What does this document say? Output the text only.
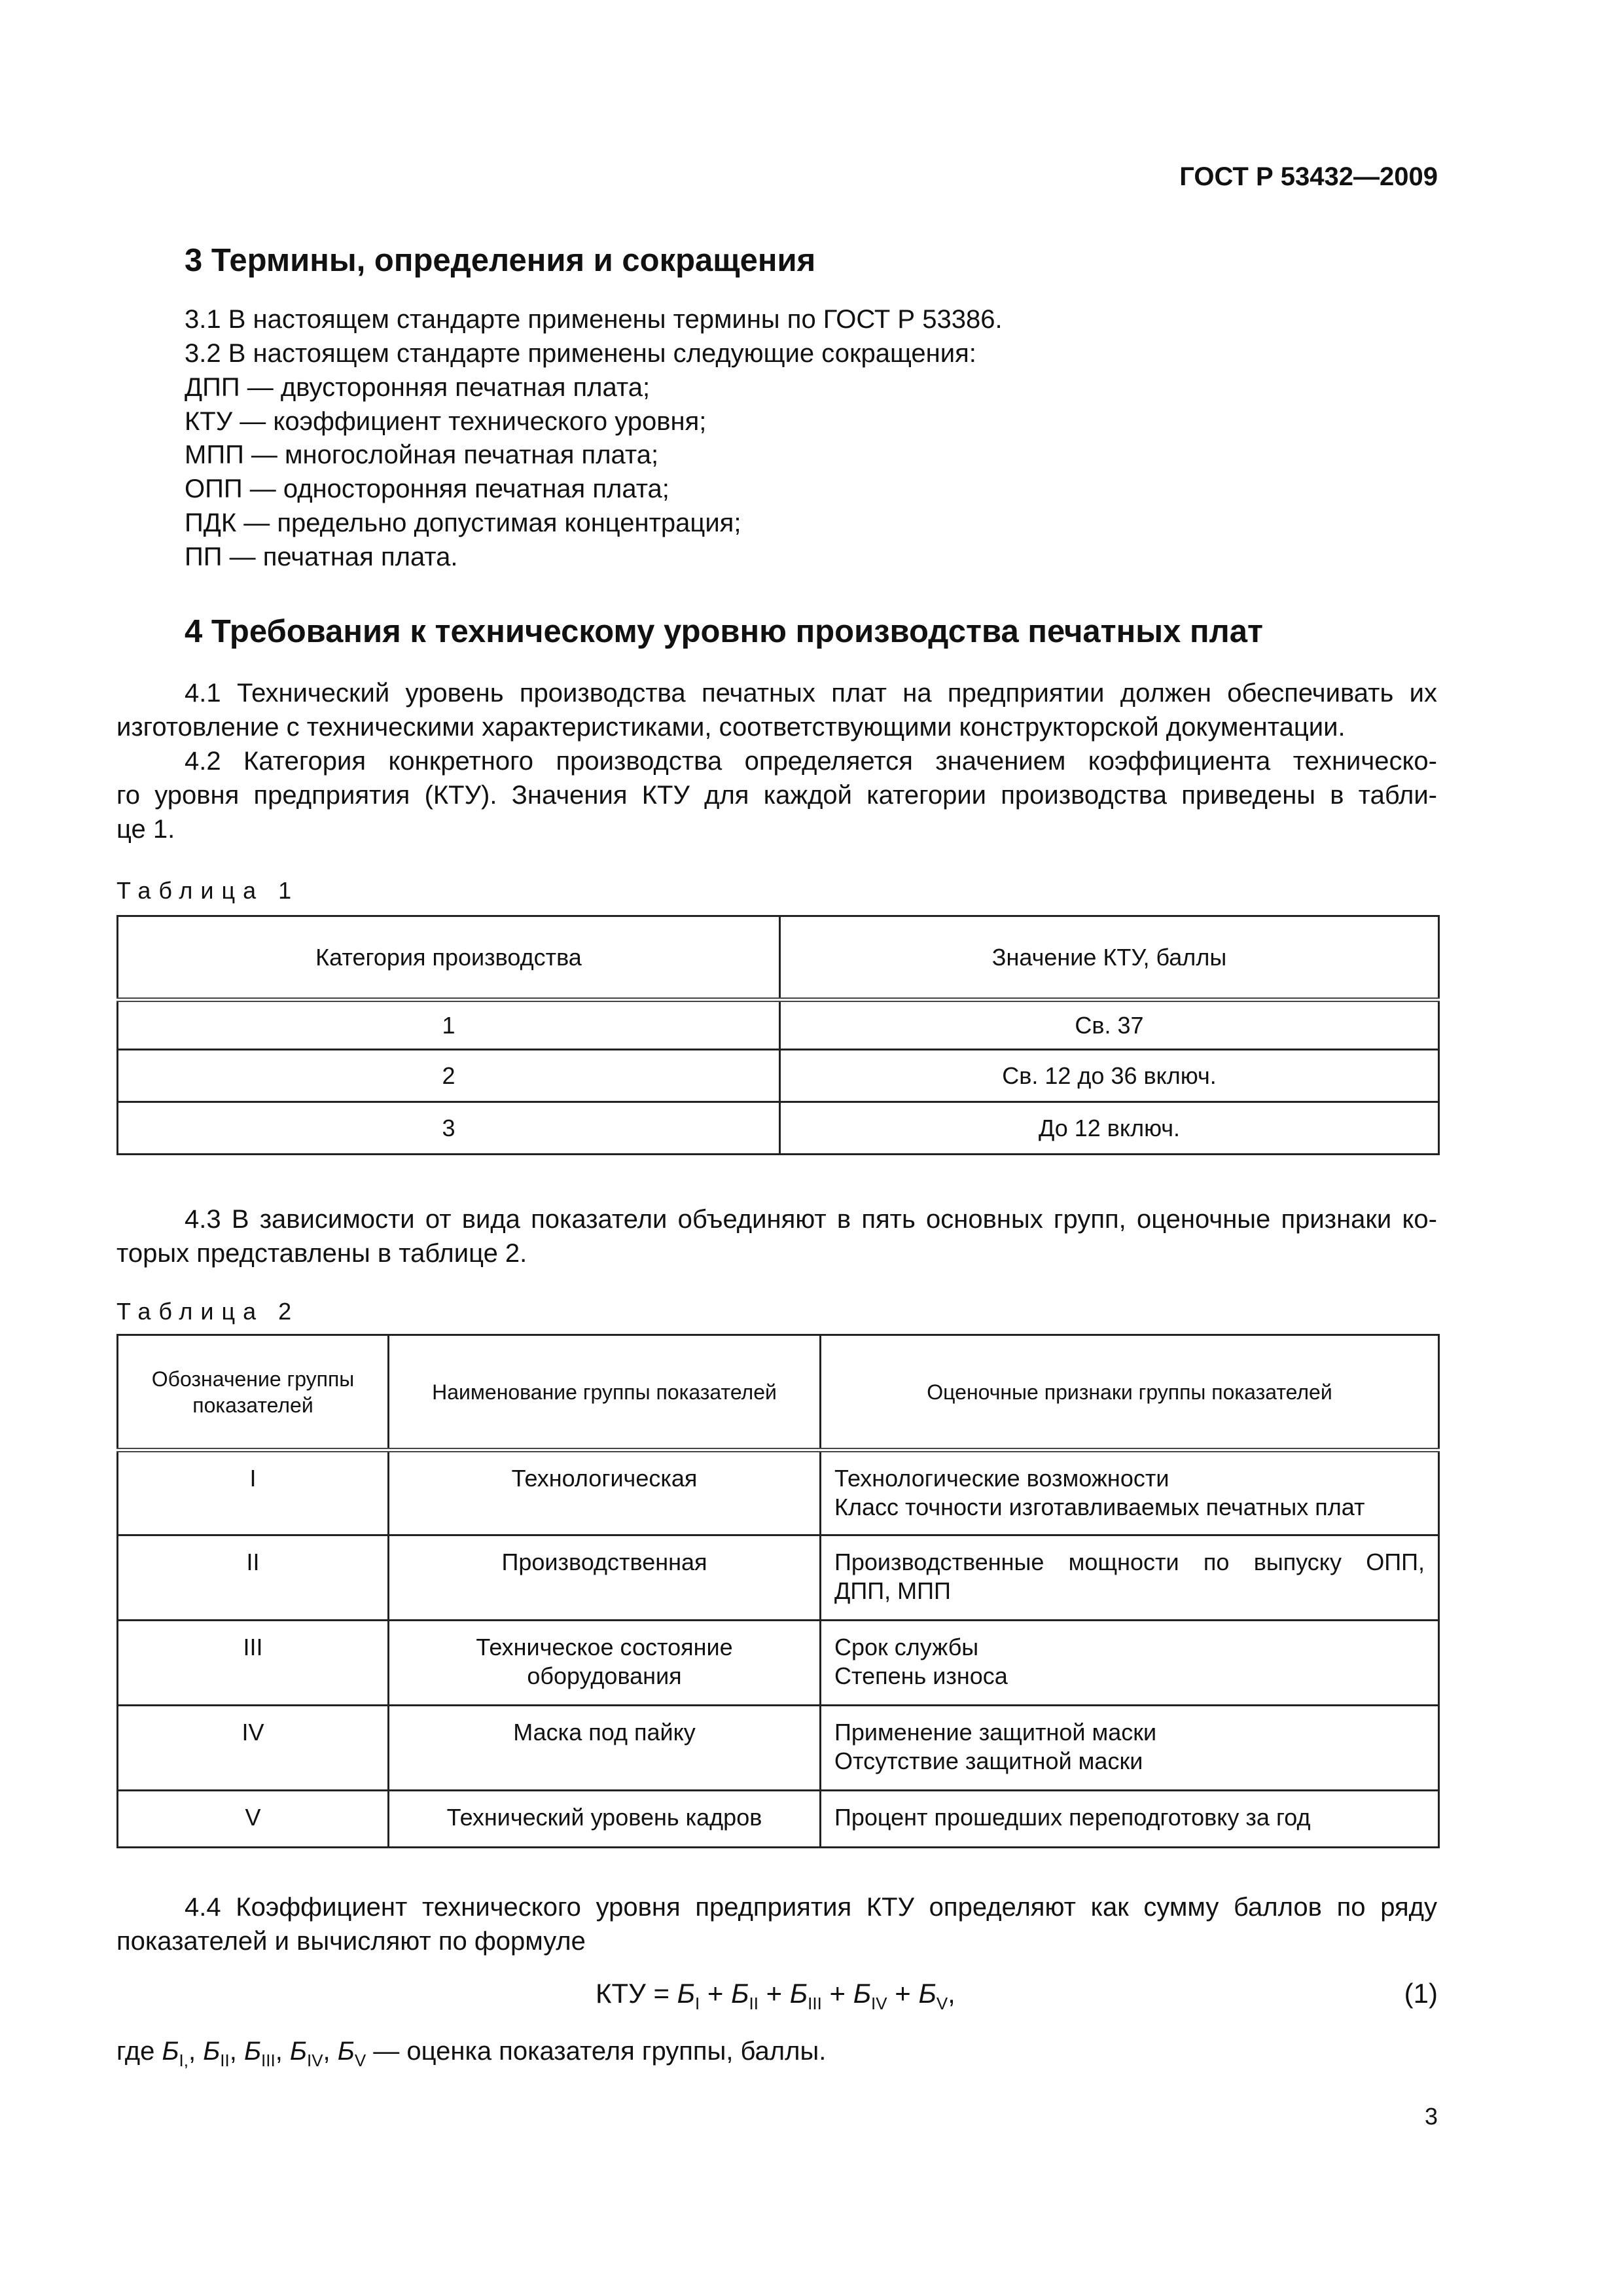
ГОСТ Р 53432—2009
3 Термины, определения и сокращения
3.1 В настоящем стандарте применены термины по ГОСТ Р 53386.
3.2 В настоящем стандарте применены следующие сокращения:
ДПП — двусторонняя печатная плата;
КТУ — коэффициент технического уровня;
МПП — многослойная печатная плата;
ОПП — односторонняя печатная плата;
ПДК — предельно допустимая концентрация;
ПП — печатная плата.
4 Требования к техническому уровню производства печатных плат
4.1 Технический уровень производства печатных плат на предприятии должен обеспечивать их
изготовление с техническими характеристиками, соответствующими конструкторской документации.
4.2 Категория конкретного производства определяется значением коэффициента техническо-
го уровня предприятия (КТУ). Значения КТУ для каждой категории производства приведены в табли-
це 1.
Таблица 1
Категория производства	Значение КТУ, баллы
1	Св. 37
2	Св. 12 до 36 включ.
3	До 12 включ.
4.3 В зависимости от вида показатели объединяют в пять основных групп, оценочные признаки ко-
торых представлены в таблице 2.
Таблица 2
Обозначение группы показателей	Наименование группы показателей	Оценочные признаки группы показателей
I	Технологическая	Технологические возможности
Класс точности изготавливаемых печатных плат

II	Производственная	Производственные мощности по выпуску ОПП,
ДПП, МПП

III	Техническое состояние
оборудования	Срок службы
Степень износа

IV	Маска под пайку	Применение защитной маски
Отсутствие защитной маски

V	Технический уровень кадров	Процент прошедших переподготовку за год
4.4 Коэффициент технического уровня предприятия КТУ определяют как сумму баллов по ряду
показателей и вычисляют по формуле
КТУ = $Б_I + Б_{II} + Б_{III} + Б_{IV} + Б_V$,	(1)
где $Б_{I,}$, $Б_{II}$, $Б_{III}$, $Б_{IV}$, $Б_V$ — оценка показателя группы, баллы.
3
